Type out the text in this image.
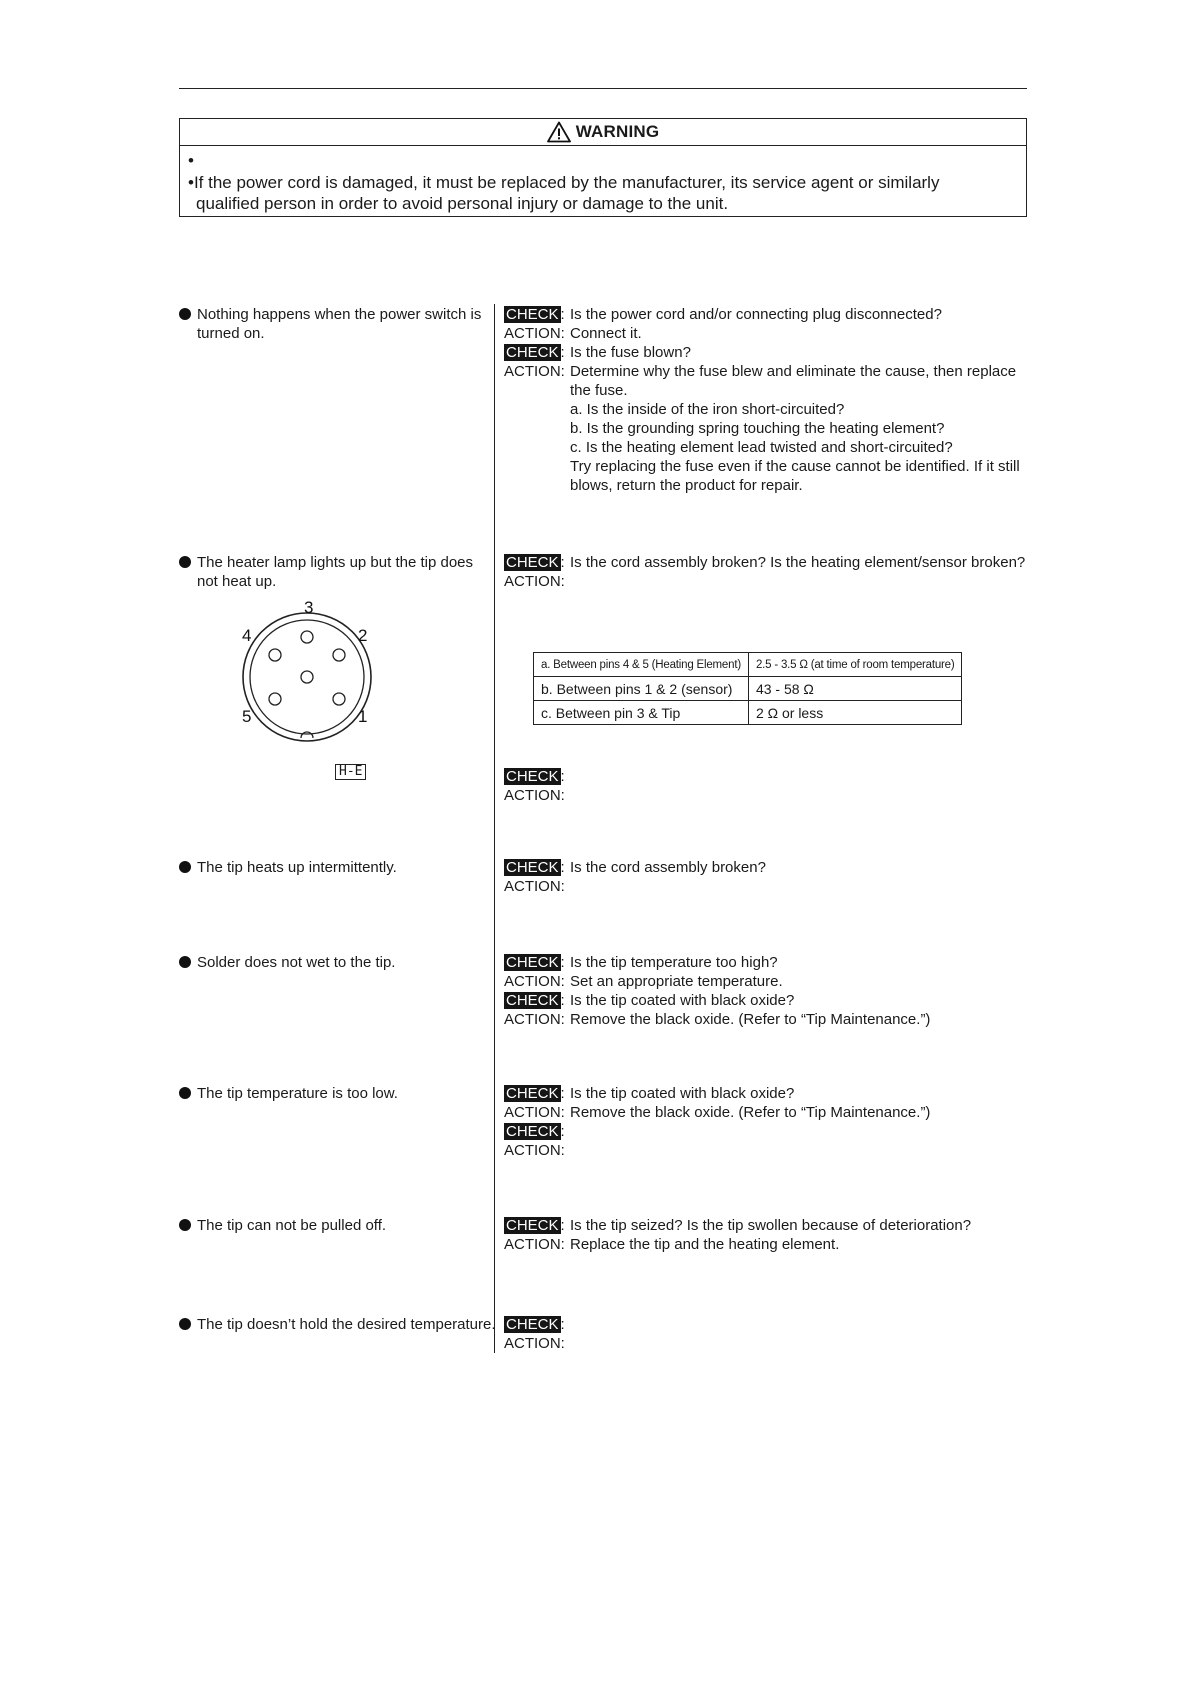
WARNING
•
•If the power cord is damaged, it must be replaced by the manufacturer, its service agent or similarly
qualified person in order to avoid personal injury or damage to the unit.
Nothing happens when the power switch is turned on.
CHECK : Is the power cord and/or connecting plug disconnected?
ACTION: Connect it.
CHECK : Is the fuse blown?
ACTION: Determine why the fuse blew and eliminate the cause, then replace the fuse.
a. Is the inside of the iron short-circuited?
b. Is the grounding spring touching the heating element?
c. Is the heating element lead twisted and short-circuited?
Try replacing the fuse even if the cause cannot be identified. If it still blows, return the product for repair.
The heater lamp lights up but the tip does not heat up.
CHECK : Is the cord assembly broken? Is the heating element/sensor broken?
ACTION:
3
2
4
5	1
H-E
a. Between pins 4 & 5 (Heating Element)	2.5 - 3.5 Ω (at time of room temperature)
b. Between pins 1 & 2 (sensor)	43 - 58 Ω
c. Between pin 3 & Tip	2 Ω or less
CHECK :
ACTION:
The tip heats up intermittently.	CHECK : Is the cord assembly broken?
ACTION:
Solder does not wet to the tip.	CHECK : Is the tip temperature too high?
ACTION: Set an appropriate temperature.
CHECK : Is the tip coated with black oxide?
ACTION: Remove the black oxide. (Refer to “Tip Maintenance.”)
The tip temperature is too low.	CHECK : Is the tip coated with black oxide?
ACTION: Remove the black oxide. (Refer to “Tip Maintenance.”)
CHECK :
ACTION:
The tip can not be pulled off.	CHECK : Is the tip seized? Is the tip swollen because of deterioration?
ACTION: Replace the tip and the heating element.
The tip doesn’t hold the desired temperature. CHECK :
ACTION:
